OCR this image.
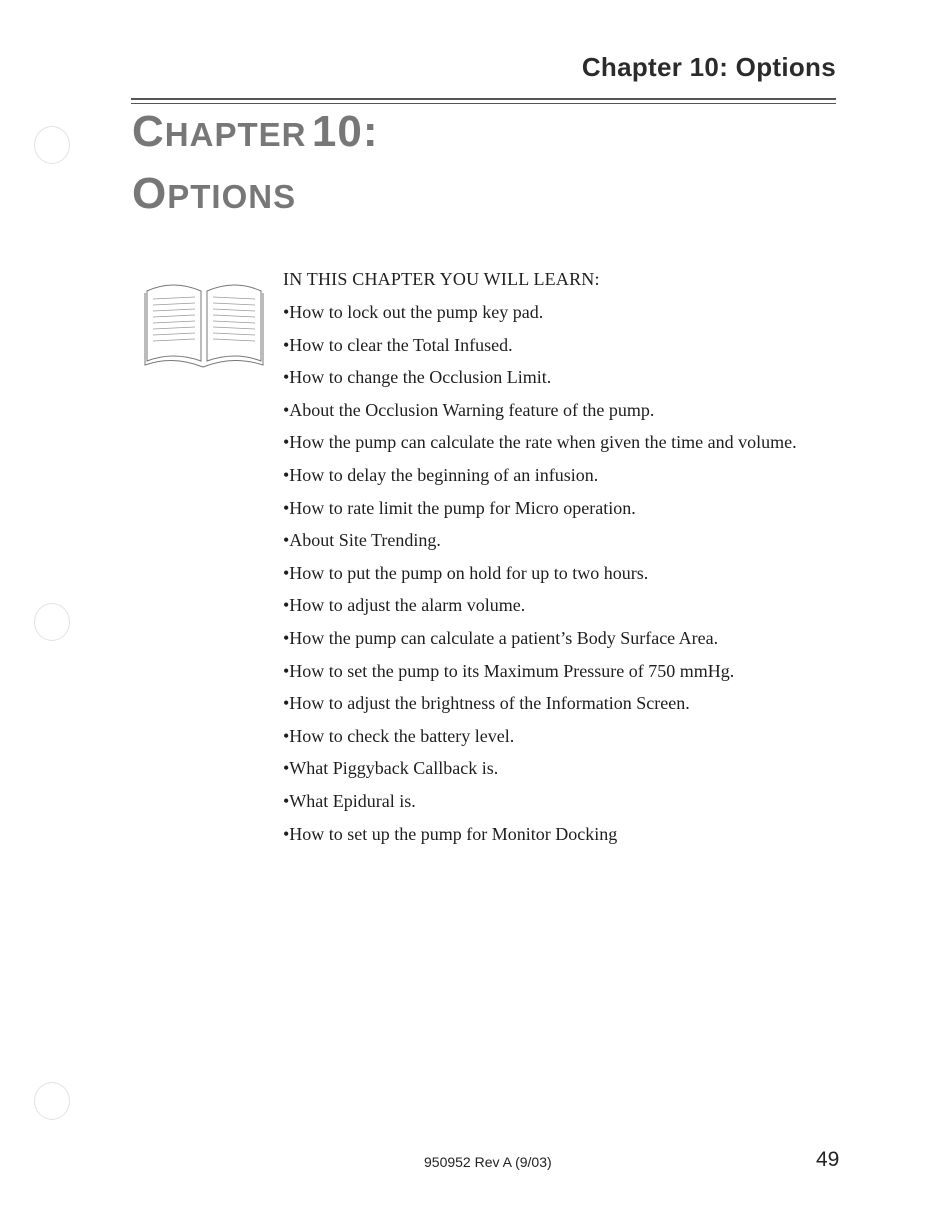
Chapter 10: Options
CHAPTER 10:
OPTIONS
IN THIS CHAPTER YOU WILL LEARN:
•How to lock out the pump key pad.
•How to clear the Total Infused.
•How to change the Occlusion Limit.
•About the Occlusion Warning feature of the pump.
•How the pump can calculate the rate when given the time and volume.
•How to delay the beginning of an infusion.
•How to rate limit the pump for Micro operation.
•About Site Trending.
•How to put the pump on hold for up to two hours.
•How to adjust the alarm volume.
•How the pump can calculate a patient’s Body Surface Area.
•How to set the pump to its Maximum Pressure of 750 mmHg.
•How to adjust the brightness of the Information Screen.
•How to check the battery level.
•What Piggyback Callback is.
•What Epidural is.
•How to set up the pump for Monitor Docking
950952 Rev A (9/03)	49
